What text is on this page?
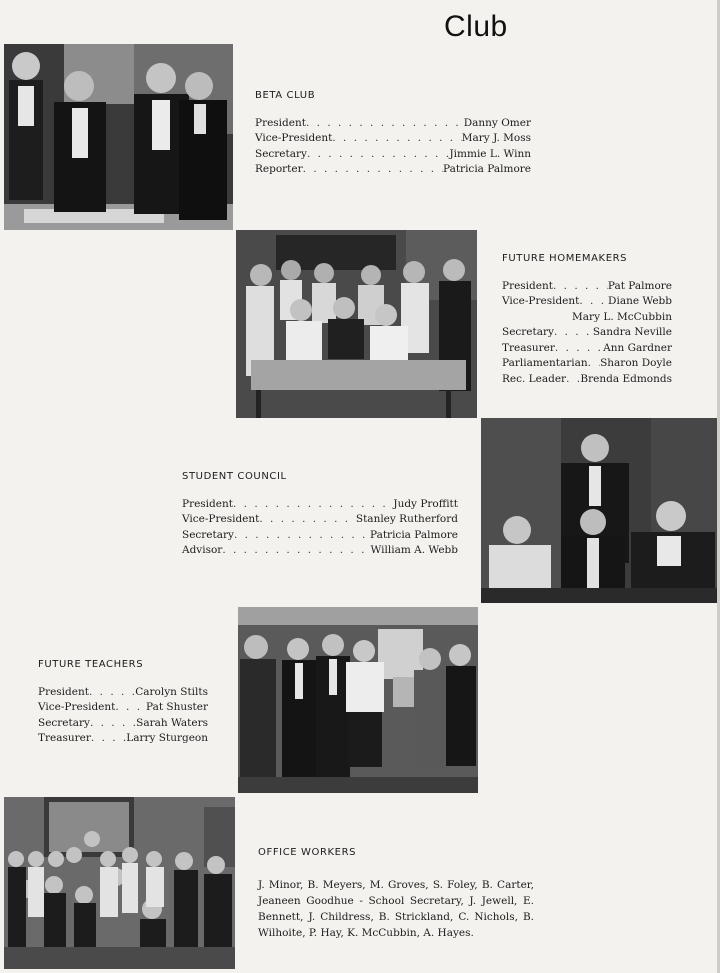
Club
BETA CLUB
President . . .	Danny Omer
Vice-President . . .	Mary J. Moss
Secretary . . .	Jimmie L. Winn
Reporter . . .	Patricia Palmore
FUTURE HOMEMAKERS
President . . .	Pat Palmore
Vice-President . . .	Diane Webb
Mary L. McCubbin
Secretary . . .	Sandra Neville
Treasurer . . .	Ann Gardner
Parliamentarian . . . Sharon Doyle
Rec. Leader . . . Brenda Edmonds
STUDENT COUNCIL
President . . .	Judy Proffitt
Vice-President . . .	Stanley Rutherford
Secretary . . .	Patricia Palmore
Advisor . . .	William A. Webb
FUTURE TEACHERS
President . . .	Carolyn Stilts
Vice-President . . .	Pat Shuster
Secretary . . .	Sarah Waters
Treasurer . . .	Larry Sturgeon
OFFICE WORKERS
J. Minor, B. Meyers, M. Groves, S. Foley, B. Carter, Jeaneen Goodhue - School Secretary, J. Jewell, E. Bennett, J. Childress, B. Strickland, C. Nichols, B. Wilhoite, P. Hay, K. McCubbin, A. Hayes.
